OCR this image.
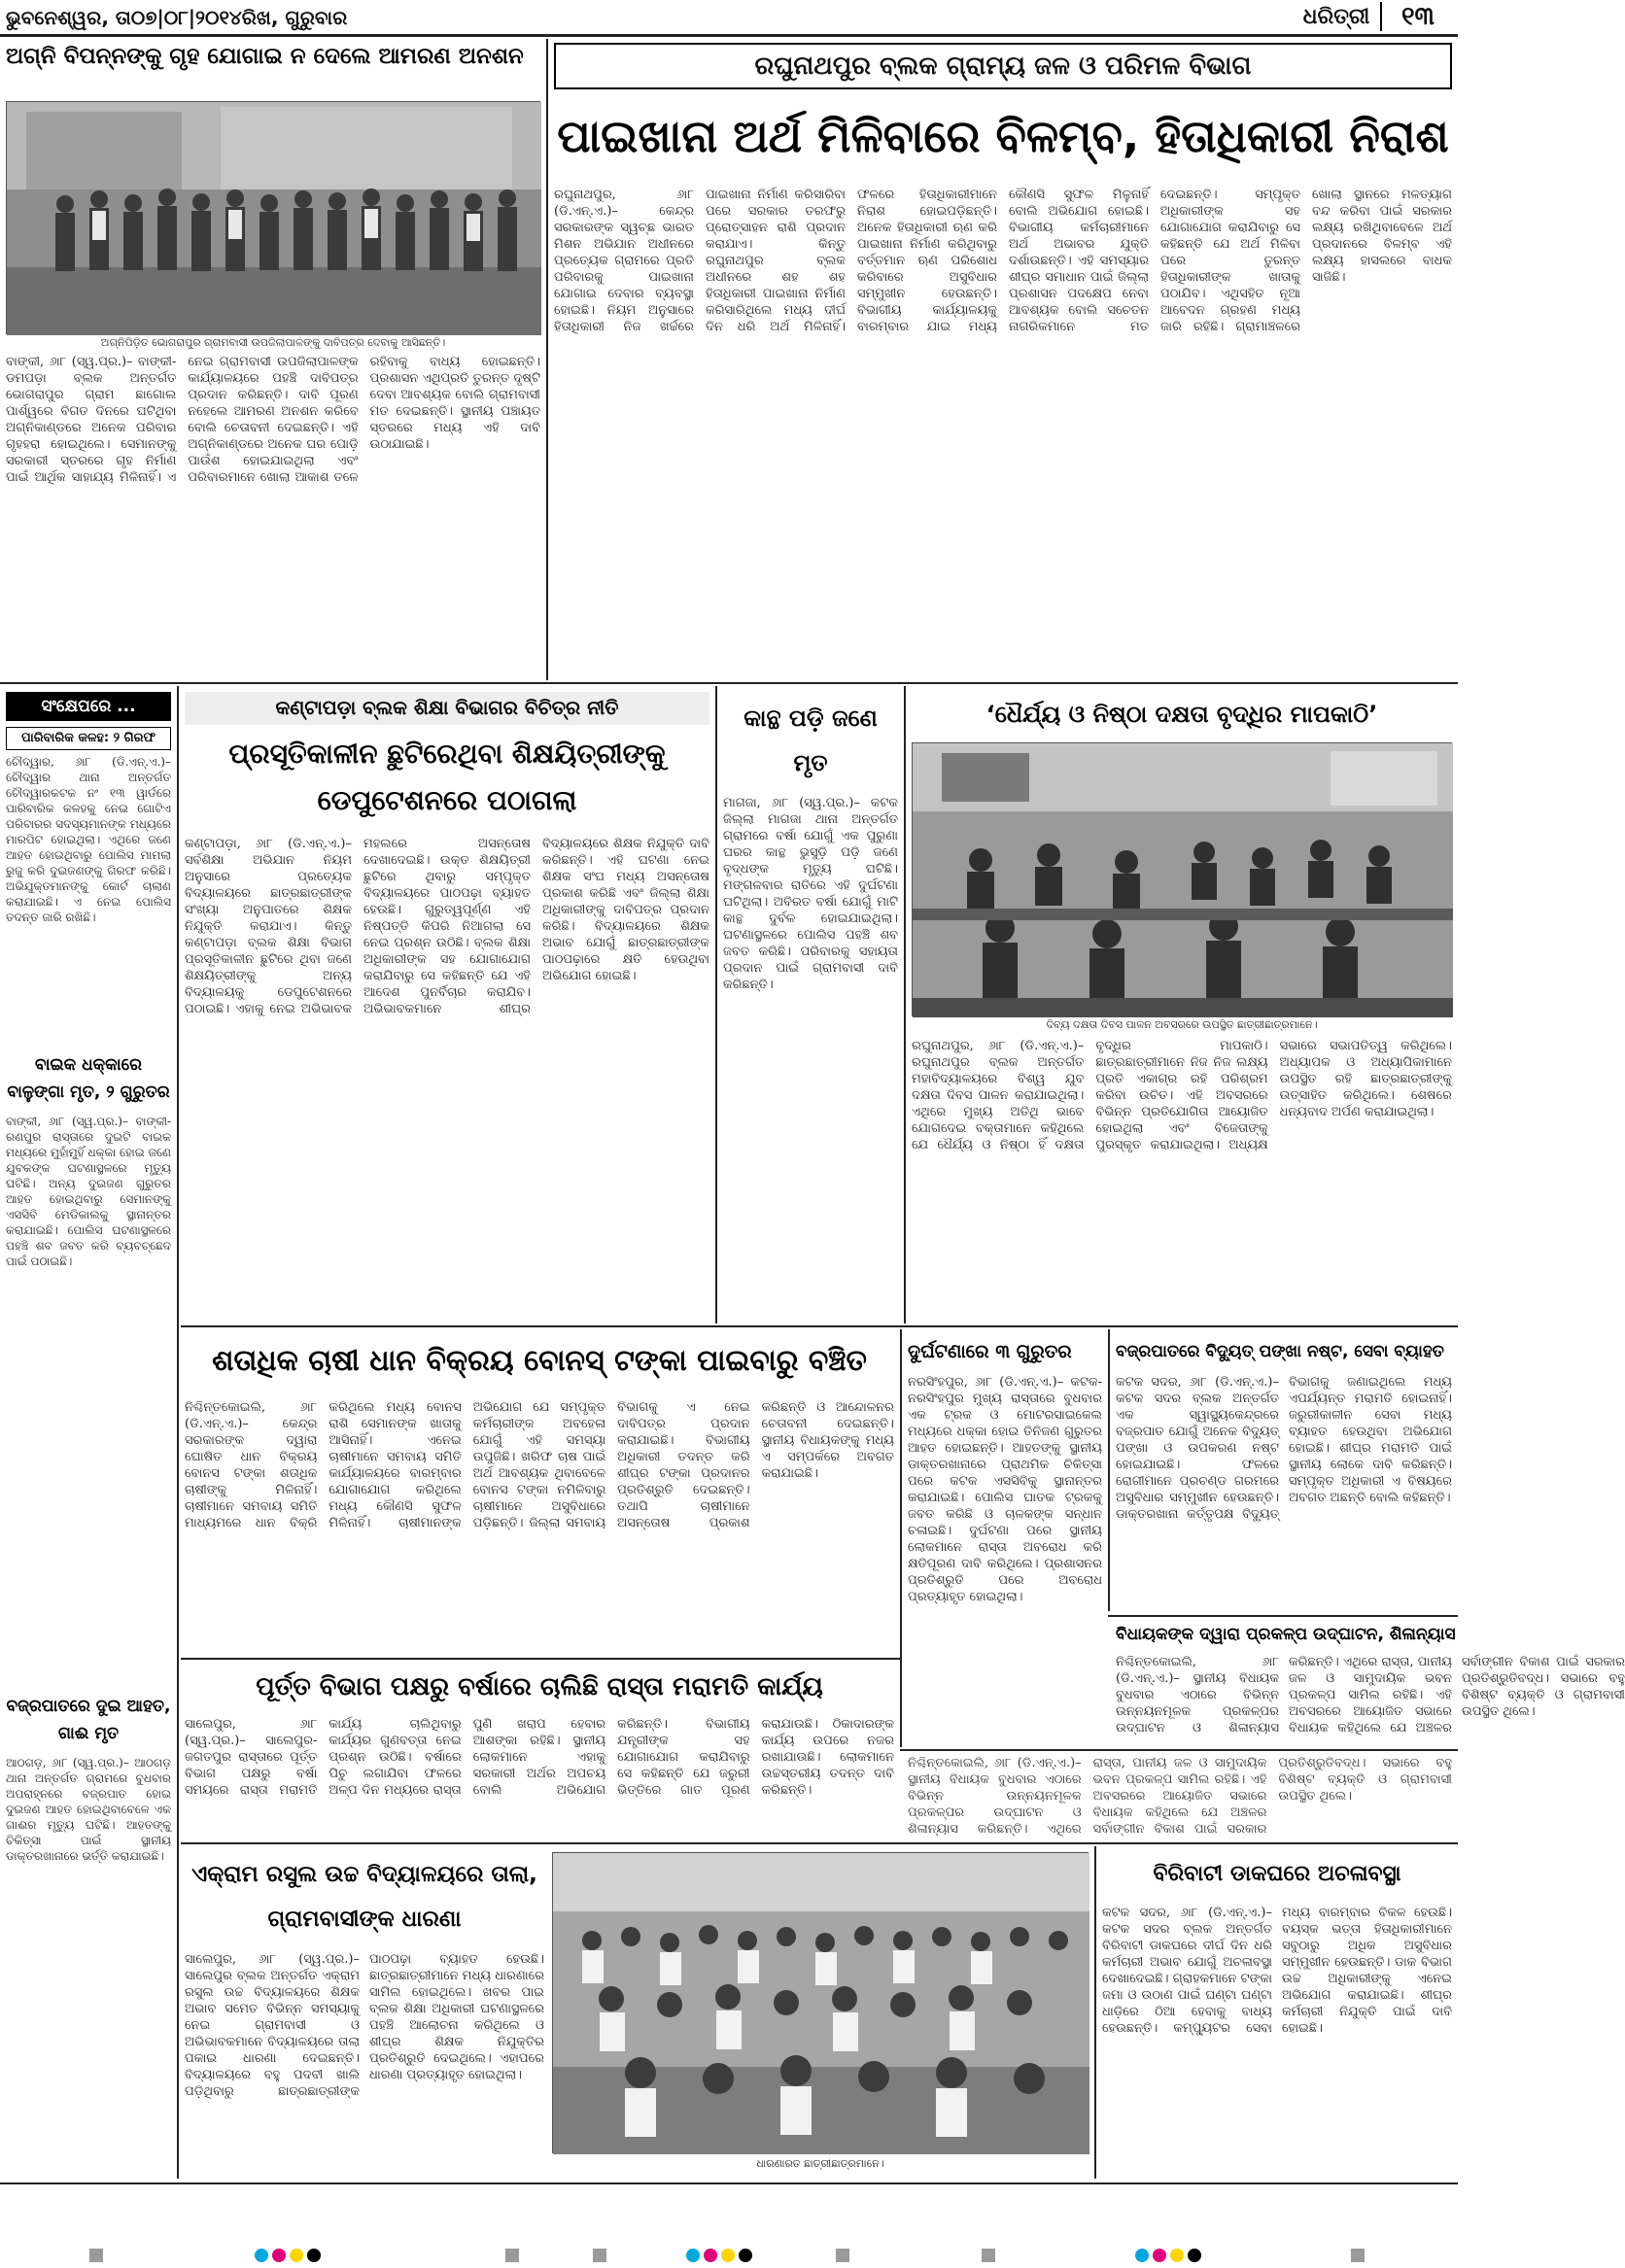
ଭୁବନେଶ୍ୱର, ତା୦୭|୦୮|୨୦୧୪ରିଖ, ଗୁରୁବାର	ଧରିତ୍ରୀ	୧୩
ଅଗ୍ନି ବିପନ୍ନଙ୍କୁ ଗୃହ ଯୋଗାଇ ନ ଦେଲେ ଆମରଣ ଅନଶନ
ଅଗ୍ନିପିଡ଼ିତ ଭୋଗରାପୁର ଗ୍ରାମବାସୀ ଉପଜିଲାପାଳଙ୍କୁ ଦାବିପତ୍ର ଦେବାକୁ ଆସିଛନ୍ତି।
ବାଙ୍କୀ, ୬ା୮ (ସ୍ୱ.ପ୍ର.)– ବାଙ୍କୀ-ଡମପଡ଼ା ବ୍ଲକ ଅନ୍ତର୍ଗତ ଭୋଗରାପୁର ଗ୍ରାମ ଛାଗୋଲ ପାର୍ଶ୍ୱରେ ବିଗତ ଦିନରେ ଘଟିଥିବା ଅଗ୍ନିକାଣ୍ଡରେ ଅନେକ ପରିବାର ଗୃହହରା ହୋଇଥିଲେ। ସେମାନଙ୍କୁ ସରକାରୀ ସ୍ତରରେ ଗୃହ ନିର୍ମାଣ ପାଇଁ ଆର୍ଥିକ ସାହାଯ୍ୟ ମିଳିନାହିଁ। ଏ ନେଇ ଗ୍ରାମବାସୀ ଉପଜିଲାପାଳଙ୍କ କାର୍ଯ୍ୟାଳୟରେ ପହଞ୍ଚି ଦାବିପତ୍ର ପ୍ରଦାନ କରିଛନ୍ତି। ଦାବି ପୂରଣ ନହେଲେ ଆମରଣ ଅନଶନ କରିବେ ବୋଲି ଚେତାବନୀ ଦେଇଛନ୍ତି। ଏହି ଅଗ୍ନିକାଣ୍ଡରେ ଅନେକ ଘର ପୋଡ଼ି ପାଉଁଶ ହୋଇଯାଇଥିଲା ଏବଂ ପରିବାରମାନେ ଖୋଲା ଆକାଶ ତଳେ ରହିବାକୁ ବାଧ୍ୟ ହୋଇଛନ୍ତି। ପ୍ରଶାସନ ଏଥିପ୍ରତି ତୁରନ୍ତ ଦୃଷ୍ଟି ଦେବା ଆବଶ୍ୟକ ବୋଲି ଗ୍ରାମବାସୀ ମତ ଦେଇଛନ୍ତି। ସ୍ଥାନୀୟ ପଞ୍ଚାୟତ ସ୍ତରରେ ମଧ୍ୟ ଏହି ଦାବି ଉଠାଯାଇଛି।
ରଘୁନାଥପୁର ବ୍ଲକ ଗ୍ରାମ୍ୟ ଜଳ ଓ ପରିମଳ ବିଭାଗ
ପାଇଖାନା ଅର୍ଥ ମିଳିବାରେ ବିଳମ୍ବ, ହିତାଧିକାରୀ ନିରାଶ
ରଘୁନାଥପୁର, ୬ା୮ (ଡି.ଏନ୍.ଏ.)– କେନ୍ଦ୍ର ସରକାରଙ୍କ ସ୍ୱଚ୍ଛ ଭାରତ ମିଶନ ଅଭିଯାନ ଅଧୀନରେ ପ୍ରତ୍ୟେକ ଗ୍ରାମରେ ପ୍ରତି ପରିବାରକୁ ପାଇଖାନା ଯୋଗାଇ ଦେବାର ବ୍ୟବସ୍ଥା ହୋଇଛି। ନିୟମ ଅନୁସାରେ ହିତାଧିକାରୀ ନିଜ ଖର୍ଚ୍ଚରେ ପାଇଖାନା ନିର୍ମାଣ କରିସାରିବା ପରେ ସରକାର ତରଫରୁ ପ୍ରୋତ୍ସାହନ ରାଶି ପ୍ରଦାନ କରାଯାଏ। କିନ୍ତୁ ରଘୁନାଥପୁର ବ୍ଲକ ଅଧୀନରେ ଶହ ଶହ ହିତାଧିକାରୀ ପାଇଖାନା ନିର୍ମାଣ କରିସାରିଥିଲେ ମଧ୍ୟ ଦୀର୍ଘ ଦିନ ଧରି ଅର୍ଥ ମିଳିନାହିଁ। ଫଳରେ ହିତାଧିକାରୀମାନେ ନିରାଶ ହୋଇପଡ଼ିଛନ୍ତି। ଅନେକ ହିତାଧିକାରୀ ଋଣ କରି ପାଇଖାନା ନିର୍ମାଣ କରିଥିବାରୁ ବର୍ତ୍ତମାନ ଋଣ ପରିଶୋଧ କରିବାରେ ଅସୁବିଧାର ସମ୍ମୁଖୀନ ହେଉଛନ୍ତି। ବିଭାଗୀୟ କାର୍ଯ୍ୟାଳୟକୁ ବାରମ୍ବାର ଯାଇ ମଧ୍ୟ କୌଣସି ସୁଫଳ ମିଳୁନାହିଁ ବୋଲି ଅଭିଯୋଗ ହୋଇଛି। ବିଭାଗୀୟ କର୍ମଚାରୀମାନେ ଅର୍ଥ ଅଭାବର ଯୁକ୍ତି ଦର୍ଶାଉଛନ୍ତି। ଏହି ସମସ୍ୟାର ଶୀଘ୍ର ସମାଧାନ ପାଇଁ ଜିଲ୍ଲା ପ୍ରଶାସନ ପଦକ୍ଷେପ ନେବା ଆବଶ୍ୟକ ବୋଲି ସଚେତନ ନାଗରିକମାନେ ମତ ଦେଇଛନ୍ତି। ସମ୍ପୃକ୍ତ ଅଧିକାରୀଙ୍କ ସହ ଯୋଗାଯୋଗ କରାଯିବାରୁ ସେ କହିଛନ୍ତି ଯେ ଅର୍ଥ ମିଳିବା ପରେ ତୁରନ୍ତ ହିତାଧିକାରୀଙ୍କ ଖାତାକୁ ପଠାଯିବ। ଏଥିସହିତ ନୂଆ ଆବେଦନ ଗ୍ରହଣ ମଧ୍ୟ ଜାରି ରହିଛି। ଗ୍ରାମାଞ୍ଚଳରେ ଖୋଲା ସ୍ଥାନରେ ମଳତ୍ୟାଗ ବନ୍ଦ କରିବା ପାଇଁ ସରକାର ଲକ୍ଷ୍ୟ ରଖିଥିବାବେଳେ ଅର୍ଥ ପ୍ରଦାନରେ ବିଳମ୍ବ ଏହି ଲକ୍ଷ୍ୟ ହାସଲରେ ବାଧକ ସାଜିଛି।
ସଂକ୍ଷେପରେ ...
ପାରିବାରିକ କଳହ: ୨ ଗିରଫ
ଚୌଦ୍ୱାର, ୬ା୮ (ଡି.ଏନ୍.ଏ.)– ଚୌଦ୍ୱାର ଥାନା ଅନ୍ତର୍ଗତ ଚୌଦ୍ୱାରକଟକ ନଂ ୧୩ ୱାର୍ଡରେ ପାରିବାରିକ କଳହକୁ ନେଇ ଗୋଟିଏ ପରିବାରର ସଦସ୍ୟମାନଙ୍କ ମଧ୍ୟରେ ମାରପିଟ ହୋଇଥିଲା। ଏଥିରେ ଜଣେ ଆହତ ହୋଇଥିବାରୁ ପୋଲିସ ମାମଲା ରୁଜୁ କରି ଦୁଇଜଣଙ୍କୁ ଗିରଫ କରିଛି। ଅଭିଯୁକ୍ତମାନଙ୍କୁ କୋର୍ଟ ଚାଲାଣ କରାଯାଇଛି। ଏ ନେଇ ପୋଲିସ ତଦନ୍ତ ଜାରି ରଖିଛି।
ବାଇକ ଧକ୍କାରେ ବାଳୁଙ୍ଗା ମୃତ, ୨ ଗୁରୁତର
ବାଙ୍କୀ, ୬ା୮ (ସ୍ୱ.ପ୍ର.)– ବାଙ୍କୀ-ରଣପୁର ରାସ୍ତାରେ ଦୁଇଟି ବାଇକ ମଧ୍ୟରେ ମୁହାଁମୁହିଁ ଧକ୍କା ହୋଇ ଜଣେ ଯୁବକଙ୍କ ଘଟଣାସ୍ଥଳରେ ମୃତ୍ୟୁ ଘଟିଛି। ଅନ୍ୟ ଦୁଇଜଣ ଗୁରୁତର ଆହତ ହୋଇଥିବାରୁ ସେମାନଙ୍କୁ ଏସସିବି ମେଡିକାଲକୁ ସ୍ଥାନାନ୍ତର କରାଯାଇଛି। ପୋଲିସ ଘଟଣାସ୍ଥଳରେ ପହଞ୍ଚି ଶବ ଜବତ କରି ବ୍ୟବଚ୍ଛେଦ ପାଇଁ ପଠାଇଛି।
ବଜ୍ରପାତରେ ଦୁଇ ଆହତ, ଗାଈ ମୃତ
ଆଠଗଡ଼, ୬ା୮ (ସ୍ୱ.ପ୍ର.)– ଆଠଗଡ଼ ଥାନା ଅନ୍ତର୍ଗତ ଗ୍ରାମରେ ବୁଧବାର ଅପରାହ୍ନରେ ବଜ୍ରପାତ ହୋଇ ଦୁଇଜଣ ଆହତ ହୋଇଥିବାବେଳେ ଏକ ଗାଈର ମୃତ୍ୟୁ ଘଟିଛି। ଆହତଙ୍କୁ ଚିକିତ୍ସା ପାଇଁ ସ୍ଥାନୀୟ ଡାକ୍ତରଖାନାରେ ଭର୍ତ୍ତି କରାଯାଇଛି।
କଣ୍ଟାପଡ଼ା ବ୍ଲକ ଶିକ୍ଷା ବିଭାଗର ବିଚିତ୍ର ନୀତି
ପ୍ରସୂତିକାଳୀନ ଛୁଟିରେଥିବା ଶିକ୍ଷୟିତ୍ରୀଙ୍କୁ ଡେପୁଟେଶନରେ ପଠାଗଲା
କଣ୍ଟାପଡ଼ା, ୬ା୮ (ଡି.ଏନ୍.ଏ.)– ସର୍ବଶିକ୍ଷା ଅଭିଯାନ ନିୟମ ଅନୁସାରେ ପ୍ରତ୍ୟେକ ବିଦ୍ୟାଳୟରେ ଛାତ୍ରଛାତ୍ରୀଙ୍କ ସଂଖ୍ୟା ଅନୁପାତରେ ଶିକ୍ଷକ ନିଯୁକ୍ତି କରାଯାଏ। କିନ୍ତୁ କଣ୍ଟାପଡ଼ା ବ୍ଲକ ଶିକ୍ଷା ବିଭାଗ ପ୍ରସୂତିକାଳୀନ ଛୁଟିରେ ଥିବା ଜଣେ ଶିକ୍ଷୟିତ୍ରୀଙ୍କୁ ଅନ୍ୟ ବିଦ୍ୟାଳୟକୁ ଡେପୁଟେଶନରେ ପଠାଇଛି। ଏହାକୁ ନେଇ ଅଭିଭାବକ ମହଲରେ ଅସନ୍ତୋଷ ଦେଖାଦେଇଛି। ଉକ୍ତ ଶିକ୍ଷୟିତ୍ରୀ ଛୁଟିରେ ଥିବାରୁ ସମ୍ପୃକ୍ତ ବିଦ୍ୟାଳୟରେ ପାଠପଢ଼ା ବ୍ୟାହତ ହେଉଛି। ଗୁରୁତ୍ୱପୂର୍ଣ୍ଣ ଏହି ନିଷ୍ପତ୍ତି କିପରି ନିଆଗଲା ସେ ନେଇ ପ୍ରଶ୍ନ ଉଠିଛି। ବ୍ଲକ ଶିକ୍ଷା ଅଧିକାରୀଙ୍କ ସହ ଯୋଗାଯୋଗ କରାଯିବାରୁ ସେ କହିଛନ୍ତି ଯେ ଏହି ଆଦେଶ ପୁନର୍ବିଚାର କରାଯିବ। ଅଭିଭାବକମାନେ ଶୀଘ୍ର ବିଦ୍ୟାଳୟରେ ଶିକ୍ଷକ ନିଯୁକ୍ତି ଦାବି କରିଛନ୍ତି। ଏହି ଘଟଣା ନେଇ ଶିକ୍ଷକ ସଂଘ ମଧ୍ୟ ଅସନ୍ତୋଷ ପ୍ରକାଶ କରିଛି ଏବଂ ଜିଲ୍ଲା ଶିକ୍ଷା ଅଧିକାରୀଙ୍କୁ ଦାବିପତ୍ର ପ୍ରଦାନ କରିଛି। ବିଦ୍ୟାଳୟରେ ଶିକ୍ଷକ ଅଭାବ ଯୋଗୁଁ ଛାତ୍ରଛାତ୍ରୀଙ୍କ ପାଠପଢ଼ାରେ କ୍ଷତି ହେଉଥିବା ଅଭିଯୋଗ ହୋଇଛି।
କାନ୍ଥ ପଡ଼ି ଜଣେ ମୃତ
ମାଗଜା, ୬ା୮ (ସ୍ୱ.ପ୍ର.)– କଟକ ଜିଲ୍ଲା ମାଗଜା ଥାନା ଅନ୍ତର୍ଗତ ଗ୍ରାମରେ ବର୍ଷା ଯୋଗୁଁ ଏକ ପୁରୁଣା ଘରର କାନ୍ଥ ଭୁସୁଡ଼ି ପଡ଼ି ଜଣେ ବୃଦ୍ଧଙ୍କ ମୃତ୍ୟୁ ଘଟିଛି। ମଙ୍ଗଳବାର ରାତିରେ ଏହି ଦୁର୍ଘଟଣା ଘଟିଥିଲା। ଅବିରତ ବର୍ଷା ଯୋଗୁଁ ମାଟି କାନ୍ଥ ଦୁର୍ବଳ ହୋଇଯାଇଥିଲା। ଘଟଣାସ୍ଥଳରେ ପୋଲିସ ପହଞ୍ଚି ଶବ ଜବତ କରିଛି। ପରିବାରକୁ ସହାୟତା ପ୍ରଦାନ ପାଇଁ ଗ୍ରାମବାସୀ ଦାବି କରିଛନ୍ତି।
‘ଧୈର୍ଯ୍ୟ ଓ ନିଷ୍ଠା ଦକ୍ଷତା ବୃଦ୍ଧିର ମାପକାଠି’
ଦିବ୍ୟ ଦକ୍ଷତା ଦିବସ ପାଳନ ଅବସରରେ ଉପସ୍ଥିତ ଛାତ୍ରୀଛାତ୍ରମାନେ।
ରଘୁନାଥପୁର, ୬ା୮ (ଡି.ଏନ୍.ଏ.)– ରଘୁନାଥପୁର ବ୍ଲକ ଅନ୍ତର୍ଗତ ମହାବିଦ୍ୟାଳୟରେ ବିଶ୍ୱ ଯୁବ ଦକ୍ଷତା ଦିବସ ପାଳନ କରାଯାଇଥିଲା। ଏଥିରେ ମୁଖ୍ୟ ଅତିଥି ଭାବେ ଯୋଗଦେଇ ବକ୍ତାମାନେ କହିଥିଲେ ଯେ ଧୈର୍ଯ୍ୟ ଓ ନିଷ୍ଠା ହିଁ ଦକ୍ଷତା ବୃଦ୍ଧିର ମାପକାଠି। ଛାତ୍ରଛାତ୍ରୀମାନେ ନିଜ ନିଜ ଲକ୍ଷ୍ୟ ପ୍ରତି ଏକାଗ୍ର ରହି ପରିଶ୍ରମ କରିବା ଉଚିତ। ଏହି ଅବସରରେ ବିଭିନ୍ନ ପ୍ରତିଯୋଗିତା ଆୟୋଜିତ ହୋଇଥିଲା ଏବଂ ବିଜେତାଙ୍କୁ ପୁରସ୍କୃତ କରାଯାଇଥିଲା। ଅଧ୍ୟକ୍ଷ ସଭାରେ ସଭାପତିତ୍ୱ କରିଥିଲେ। ଅଧ୍ୟାପକ ଓ ଅଧ୍ୟାପିକାମାନେ ଉପସ୍ଥିତ ରହି ଛାତ୍ରଛାତ୍ରୀଙ୍କୁ ଉତ୍ସାହିତ କରିଥିଲେ। ଶେଷରେ ଧନ୍ୟବାଦ ଅର୍ପଣ କରାଯାଇଥିଲା।
ଶତାଧିକ ଚାଷୀ ଧାନ ବିକ୍ରୟ ବୋନସ୍ ଟଙ୍କା ପାଇବାରୁ ବଞ୍ଚିତ
ନିଶ୍ଚିନ୍ତକୋଇଲି, ୬ା୮ (ଡି.ଏନ୍.ଏ.)– କେନ୍ଦ୍ର ସରକାରଙ୍କ ଦ୍ୱାରା ଘୋଷିତ ଧାନ ବିକ୍ରୟ ବୋନସ ଟଙ୍କା ଶତାଧିକ ଚାଷୀଙ୍କୁ ମିଳିନାହିଁ। ଚାଷୀମାନେ ସମବାୟ ସମିତି ମାଧ୍ୟମରେ ଧାନ ବିକ୍ରି କରିଥିଲେ ମଧ୍ୟ ବୋନସ ରାଶି ସେମାନଙ୍କ ଖାତାକୁ ଆସିନାହିଁ। ଏନେଇ ଚାଷୀମାନେ ସମବାୟ ସମିତି କାର୍ଯ୍ୟାଳୟରେ ବାରମ୍ବାର ଯୋଗାଯୋଗ କରିଥିଲେ ମଧ୍ୟ କୌଣସି ସୁଫଳ ମିଳିନାହିଁ। ଚାଷୀମାନଙ୍କ ଅଭିଯୋଗ ଯେ ସମ୍ପୃକ୍ତ କର୍ମଚାରୀଙ୍କ ଅବହେଳା ଯୋଗୁଁ ଏହି ସମସ୍ୟା ଉପୁଜିଛି। ଖରିଫ ଚାଷ ପାଇଁ ଅର୍ଥ ଆବଶ୍ୟକ ଥିବାବେଳେ ବୋନସ ଟଙ୍କା ନମିଳିବାରୁ ଚାଷୀମାନେ ଅସୁବିଧାରେ ପଡ଼ିଛନ୍ତି। ଜିଲ୍ଲା ସମବାୟ ବିଭାଗକୁ ଏ ନେଇ ଦାବିପତ୍ର ପ୍ରଦାନ କରାଯାଇଛି। ବିଭାଗୀୟ ଅଧିକାରୀ ତଦନ୍ତ କରି ଶୀଘ୍ର ଟଙ୍କା ପ୍ରଦାନର ପ୍ରତିଶ୍ରୁତି ଦେଇଛନ୍ତି। ତଥାପି ଚାଷୀମାନେ ଅସନ୍ତୋଷ ପ୍ରକାଶ କରିଛନ୍ତି ଓ ଆନ୍ଦୋଳନର ଚେତାବନୀ ଦେଇଛନ୍ତି। ସ୍ଥାନୀୟ ବିଧାୟକଙ୍କୁ ମଧ୍ୟ ଏ ସମ୍ପର୍କରେ ଅବଗତ କରାଯାଇଛି।
ଦୁର୍ଘଟଣାରେ ୩ ଗୁରୁତର
ନରସିଂହପୁର, ୬ା୮ (ଡି.ଏନ୍.ଏ.)– କଟକ-ନରସିଂହପୁର ମୁଖ୍ୟ ରାସ୍ତାରେ ବୁଧବାର ଏକ ଟ୍ରକ ଓ ମୋଟରସାଇକେଲ ମଧ୍ୟରେ ଧକ୍କା ହୋଇ ତିନିଜଣ ଗୁରୁତର ଆହତ ହୋଇଛନ୍ତି। ଆହତଙ୍କୁ ସ୍ଥାନୀୟ ଡାକ୍ତରଖାନାରେ ପ୍ରାଥମିକ ଚିକିତ୍ସା ପରେ କଟକ ଏସସିବିକୁ ସ୍ଥାନାନ୍ତର କରାଯାଇଛି। ପୋଲିସ ଘାତକ ଟ୍ରକକୁ ଜବତ କରିଛି ଓ ଚାଳକଙ୍କ ସନ୍ଧାନ ଚଳାଇଛି। ଦୁର୍ଘଟଣା ପରେ ସ୍ଥାନୀୟ ଲୋକମାନେ ରାସ୍ତା ଅବରୋଧ କରି କ୍ଷତିପୂରଣ ଦାବି କରିଥିଲେ। ପ୍ରଶାସନର ପ୍ରତିଶ୍ରୁତି ପରେ ଅବରୋଧ ପ୍ରତ୍ୟାହୃତ ହୋଇଥିଲା।
ବଜ୍ରପାତରେ ବିଦ୍ୟୁତ୍ ପଙ୍ଖା ନଷ୍ଟ, ସେବା ବ୍ୟାହତ
କଟକ ସଦର, ୬ା୮ (ଡି.ଏନ୍.ଏ.)– କଟକ ସଦର ବ୍ଲକ ଅନ୍ତର୍ଗତ ଏକ ସ୍ୱାସ୍ଥ୍ୟକେନ୍ଦ୍ରରେ ବଜ୍ରପାତ ଯୋଗୁଁ ଅନେକ ବିଦ୍ୟୁତ୍ ପଙ୍ଖା ଓ ଉପକରଣ ନଷ୍ଟ ହୋଇଯାଇଛି। ଫଳରେ ରୋଗୀମାନେ ପ୍ରଚଣ୍ଡ ଗରମରେ ଅସୁବିଧାର ସମ୍ମୁଖୀନ ହେଉଛନ୍ତି। ଡାକ୍ତରଖାନା କର୍ତ୍ତୃପକ୍ଷ ବିଦ୍ୟୁତ୍ ବିଭାଗକୁ ଜଣାଇଥିଲେ ମଧ୍ୟ ଏପର୍ଯ୍ୟନ୍ତ ମରାମତି ହୋଇନାହିଁ। ଜରୁରୀକାଳୀନ ସେବା ମଧ୍ୟ ବ୍ୟାହତ ହେଉଥିବା ଅଭିଯୋଗ ହୋଇଛି। ଶୀଘ୍ର ମରାମତି ପାଇଁ ସ୍ଥାନୀୟ ଲୋକେ ଦାବି କରିଛନ୍ତି। ସମ୍ପୃକ୍ତ ଅଧିକାରୀ ଏ ବିଷୟରେ ଅବଗତ ଅଛନ୍ତି ବୋଲି କହିଛନ୍ତି।
ବିଧାୟକଙ୍କ ଦ୍ୱାରା ପ୍ରକଳ୍ପ ଉଦ୍‌ଘାଟନ, ଶିଳାନ୍ୟାସ
ନିଶ୍ଚିନ୍ତକୋଇଲି, ୬ା୮ (ଡି.ଏନ୍.ଏ.)– ସ୍ଥାନୀୟ ବିଧାୟକ ବୁଧବାର ଏଠାରେ ବିଭିନ୍ନ ଉନ୍ନୟନମୂଳକ ପ୍ରକଳ୍ପର ଉଦ୍‌ଘାଟନ ଓ ଶିଳାନ୍ୟାସ କରିଛନ୍ତି। ଏଥିରେ ରାସ୍ତା, ପାନୀୟ ଜଳ ଓ ସାମୁଦାୟିକ ଭବନ ପ୍ରକଳ୍ପ ସାମିଲ ରହିଛି। ଏହି ଅବସରରେ ଆୟୋଜିତ ସଭାରେ ବିଧାୟକ କହିଥିଲେ ଯେ ଅଞ୍ଚଳର ସର୍ବାଙ୍ଗୀନ ବିକାଶ ପାଇଁ ସରକାର ପ୍ରତିଶ୍ରୁତିବଦ୍ଧ। ସଭାରେ ବହୁ ବିଶିଷ୍ଟ ବ୍ୟକ୍ତି ଓ ଗ୍ରାମବାସୀ ଉପସ୍ଥିତ ଥିଲେ।
ପୂର୍ତ୍ତ ବିଭାଗ ପକ୍ଷରୁ ବର୍ଷାରେ ଚାଲିଛି ରାସ୍ତା ମରାମତି କାର୍ଯ୍ୟ
ସାଲେପୁର, ୬ା୮ (ସ୍ୱ.ପ୍ର.)– ସାଲେପୁର-ଜଗତପୁର ରାସ୍ତାରେ ପୂର୍ତ୍ତ ବିଭାଗ ପକ୍ଷରୁ ବର୍ଷା ସମୟରେ ରାସ୍ତା ମରାମତି କାର୍ଯ୍ୟ ଚାଲିଥିବାରୁ କାର୍ଯ୍ୟର ଗୁଣବତ୍ତା ନେଇ ପ୍ରଶ୍ନ ଉଠିଛି। ବର୍ଷାରେ ପିଚୁ ଲଗାଯିବା ଫଳରେ ଅଳ୍ପ ଦିନ ମଧ୍ୟରେ ରାସ୍ତା ପୁଣି ଖରାପ ହେବାର ଆଶଙ୍କା ରହିଛି। ସ୍ଥାନୀୟ ଲୋକମାନେ ଏହାକୁ ସରକାରୀ ଅର୍ଥର ଅପଚୟ ବୋଲି ଅଭିଯୋଗ କରିଛନ୍ତି। ବିଭାଗୀୟ ଯନ୍ତ୍ରୀଙ୍କ ସହ ଯୋଗାଯୋଗ କରାଯିବାରୁ ସେ କହିଛନ୍ତି ଯେ ଜରୁରୀ ଭିତ୍ତିରେ ଗାତ ପୂରଣ କରାଯାଉଛି। ଠିକାଦାରଙ୍କ କାର୍ଯ୍ୟ ଉପରେ ନଜର ରଖାଯାଉଛି। ଲୋକମାନେ ଉଚ୍ଚସ୍ତରୀୟ ତଦନ୍ତ ଦାବି କରିଛନ୍ତି।
ନିଶ୍ଚିନ୍ତକୋଇଲି, ୬ା୮ (ଡି.ଏନ୍.ଏ.)– ସ୍ଥାନୀୟ ବିଧାୟକ ବୁଧବାର ଏଠାରେ ବିଭିନ୍ନ ଉନ୍ନୟନମୂଳକ ପ୍ରକଳ୍ପର ଉଦ୍‌ଘାଟନ ଓ ଶିଳାନ୍ୟାସ କରିଛନ୍ତି। ଏଥିରେ ରାସ୍ତା, ପାନୀୟ ଜଳ ଓ ସାମୁଦାୟିକ ଭବନ ପ୍ରକଳ୍ପ ସାମିଲ ରହିଛି। ଏହି ଅବସରରେ ଆୟୋଜିତ ସଭାରେ ବିଧାୟକ କହିଥିଲେ ଯେ ଅଞ୍ଚଳର ସର୍ବାଙ୍ଗୀନ ବିକାଶ ପାଇଁ ସରକାର ପ୍ରତିଶ୍ରୁତିବଦ୍ଧ। ସଭାରେ ବହୁ ବିଶିଷ୍ଟ ବ୍ୟକ୍ତି ଓ ଗ୍ରାମବାସୀ ଉପସ୍ଥିତ ଥିଲେ।
ଏକ୍ରାମ ରସୁଲ ଉଚ୍ଚ ବିଦ୍ୟାଳୟରେ ତାଲା, ଗ୍ରାମବାସୀଙ୍କ ଧାରଣା
ସାଲେପୁର, ୬ା୮ (ସ୍ୱ.ପ୍ର.)– ସାଲେପୁର ବ୍ଲକ ଅନ୍ତର୍ଗତ ଏକ୍ରାମ ରସୁଲ ଉଚ୍ଚ ବିଦ୍ୟାଳୟରେ ଶିକ୍ଷକ ଅଭାବ ସମେତ ବିଭିନ୍ନ ସମସ୍ୟାକୁ ନେଇ ଗ୍ରାମବାସୀ ଓ ଅଭିଭାବକମାନେ ବିଦ୍ୟାଳୟରେ ତାଲା ପକାଇ ଧାରଣା ଦେଇଛନ୍ତି। ବିଦ୍ୟାଳୟରେ ବହୁ ପଦବୀ ଖାଲି ପଡ଼ିଥିବାରୁ ଛାତ୍ରଛାତ୍ରୀଙ୍କ ପାଠପଢ଼ା ବ୍ୟାହତ ହେଉଛି। ଛାତ୍ରଛାତ୍ରୀମାନେ ମଧ୍ୟ ଧାରଣାରେ ସାମିଲ ହୋଇଥିଲେ। ଖବର ପାଇ ବ୍ଲକ ଶିକ୍ଷା ଅଧିକାରୀ ଘଟଣାସ୍ଥଳରେ ପହଞ୍ଚି ଆଲୋଚନା କରିଥିଲେ ଓ ଶୀଘ୍ର ଶିକ୍ଷକ ନିଯୁକ୍ତିର ପ୍ରତିଶ୍ରୁତି ଦେଇଥିଲେ। ଏହାପରେ ଧାରଣା ପ୍ରତ୍ୟାହୃତ ହୋଇଥିଲା।
ଧାରଣାରତ ଛାତ୍ରୀଛାତ୍ରମାନେ।
ବିରିବାଟୀ ଡାକଘରେ ଅଚଳାବସ୍ଥା
କଟକ ସଦର, ୬ା୮ (ଡି.ଏନ୍.ଏ.)– କଟକ ସଦର ବ୍ଲକ ଅନ୍ତର୍ଗତ ବିରିବାଟୀ ଡାକଘରେ ଦୀର୍ଘ ଦିନ ଧରି କର୍ମଚାରୀ ଅଭାବ ଯୋଗୁଁ ଅଚଳାବସ୍ଥା ଦେଖାଦେଇଛି। ଗ୍ରାହକମାନେ ଟଙ୍କା ଜମା ଓ ଉଠାଣ ପାଇଁ ଘଣ୍ଟା ଘଣ୍ଟା ଧାଡ଼ିରେ ଠିଆ ହେବାକୁ ବାଧ୍ୟ ହେଉଛନ୍ତି। କମ୍ପ୍ୟୁଟର ସେବା ମଧ୍ୟ ବାରମ୍ବାର ବିକଳ ହେଉଛି। ବୟସ୍କ ଭତ୍ତା ହିତାଧିକାରୀମାନେ ସବୁଠାରୁ ଅଧିକ ଅସୁବିଧାର ସମ୍ମୁଖୀନ ହେଉଛନ୍ତି। ଡାକ ବିଭାଗ ଉଚ୍ଚ ଅଧିକାରୀଙ୍କୁ ଏନେଇ ଅଭିଯୋଗ କରାଯାଇଛି। ଶୀଘ୍ର କର୍ମଚାରୀ ନିଯୁକ୍ତି ପାଇଁ ଦାବି ହୋଇଛି।
